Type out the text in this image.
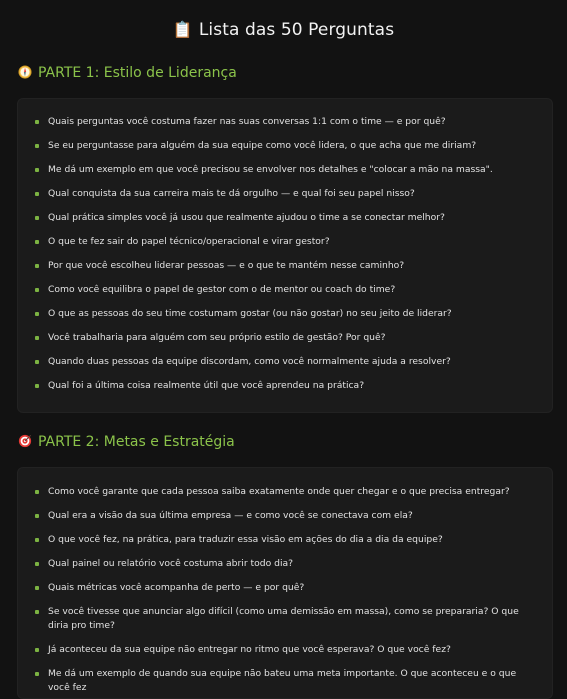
📋 Lista das 50 Perguntas
PARTE 1: Estilo de Liderança
Quais perguntas você costuma fazer nas suas conversas 1:1 com o time — e por quê?
Se eu perguntasse para alguém da sua equipe como você lidera, o que acha que me diriam?
Me dá um exemplo em que você precisou se envolver nos detalhes e "colocar a mão na massa".
Qual conquista da sua carreira mais te dá orgulho — e qual foi seu papel nisso?
Qual prática simples você já usou que realmente ajudou o time a se conectar melhor?
O que te fez sair do papel técnico/operacional e virar gestor?
Por que você escolheu liderar pessoas — e o que te mantém nesse caminho?
Como você equilibra o papel de gestor com o de mentor ou coach do time?
O que as pessoas do seu time costumam gostar (ou não gostar) no seu jeito de liderar?
Você trabalharia para alguém com seu próprio estilo de gestão? Por quê?
Quando duas pessoas da equipe discordam, como você normalmente ajuda a resolver?
Qual foi a última coisa realmente útil que você aprendeu na prática?
PARTE 2: Metas e Estratégia
Como você garante que cada pessoa saiba exatamente onde quer chegar e o que precisa entregar?
Qual era a visão da sua última empresa — e como você se conectava com ela?
O que você fez, na prática, para traduzir essa visão em ações do dia a dia da equipe?
Qual painel ou relatório você costuma abrir todo dia?
Quais métricas você acompanha de perto — e por quê?
Se você tivesse que anunciar algo difícil (como uma demissão em massa), como se prepararia? O que diria pro time?
Já aconteceu da sua equipe não entregar no ritmo que você esperava? O que você fez?
Me dá um exemplo de quando sua equipe não bateu uma meta importante. O que aconteceu e o que você fez
